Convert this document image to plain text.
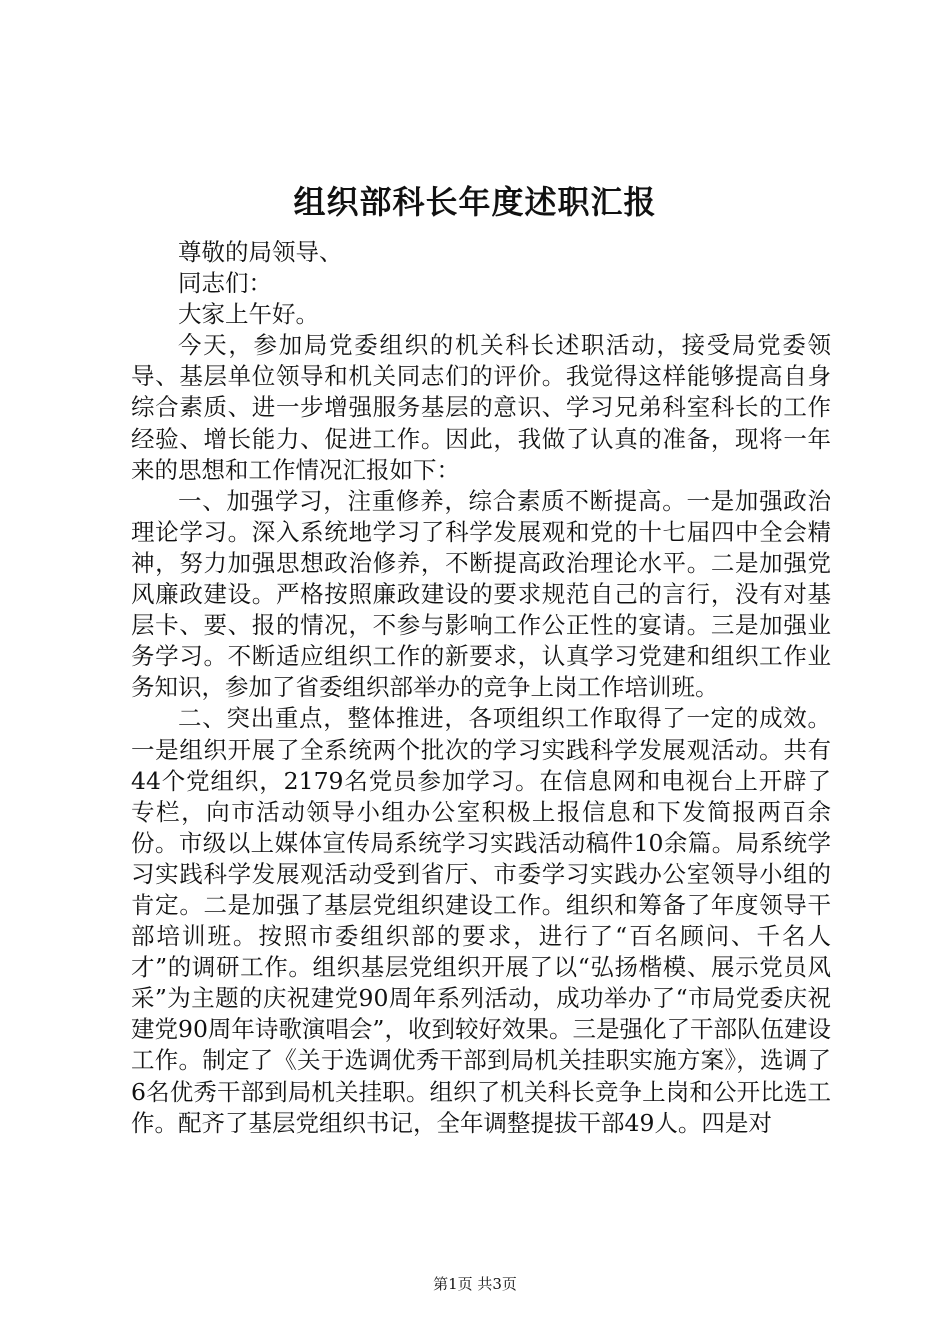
组织部科长年度述职汇报

尊敬的局领导、

同志们：

大家上午好。

今天，参加局党委组织的机关科长述职活动，接受局党委领导、基层单位领导和机关同志们的评价。我觉得这样能够提高自身综合素质、进一步增强服务基层的意识、学习兄弟科室科长的工作经验、增长能力、促进工作。因此，我做了认真的准备，现将一年来的思想和工作情况汇报如下：

一、加强学习，注重修养，综合素质不断提高。一是加强政治理论学习。深入系统地学习了科学发展观和党的十七届四中全会精神，努力加强思想政治修养，不断提高政治理论水平。二是加强党风廉政建设。严格按照廉政建设的要求规范自己的言行，没有对基层卡、要、报的情况，不参与影响工作公正性的宴请。三是加强业务学习。不断适应组织工作的新要求，认真学习党建和组织工作业务知识，参加了省委组织部举办的竞争上岗工作培训班。

二、突出重点，整体推进，各项组织工作取得了一定的成效。一是组织开展了全系统两个批次的学习实践科学发展观活动。共有44个党组织，2179名党员参加学习。在信息网和电视台上开辟了专栏，向市活动领导小组办公室积极上报信息和下发简报两百余份。市级以上媒体宣传局系统学习实践活动稿件10余篇。局系统学习实践科学发展观活动受到省厅、市委学习实践办公室领导小组的肯定。二是加强了基层党组织建设工作。组织和筹备了年度领导干部培训班。按照市委组织部的要求，进行了“百名顾问、千名人才”的调研工作。组织基层党组织开展了以“弘扬楷模、展示党员风采”为主题的庆祝建党90周年系列活动，成功举办了“市局党委庆祝建党90周年诗歌演唱会”，收到较好效果。三是强化了干部队伍建设工作。制定了《关于选调优秀干部到局机关挂职实施方案》，选调了6名优秀干部到局机关挂职。组织了机关科长竞争上岗和公开比选工作。配齐了基层党组织书记，全年调整提拔干部49人。四是对

第1页 共3页
